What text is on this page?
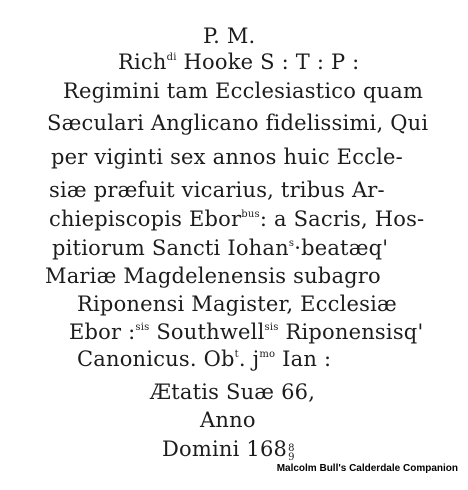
P. M.
Rich$^{di}$ Hooke S : T : P :
Regimini tam Ecclesiastico quam
Sæculari Anglicano fidelissimi, Qui
per viginti sex annos huic Eccle-
siæ præfuit vicarius, tribus Ar-
chiepiscopis Ebor$^{bus}$: a Sacris, Hos-
pitiorum Sancti Iohan$^s$·beatæq'
Mariæ Magdelenensis subagro
Riponensi Magister, Ecclesiæ
Ebor :$^{sis}$ Southwell$^{sis}$ Riponensisq'
Canonicus. Ob$^t$. $j^{mo}$ Ian :
Ætatis Suæ 66,
Anno
Domini 168 8
9
Malcolm Bull's Calderdale Companion
